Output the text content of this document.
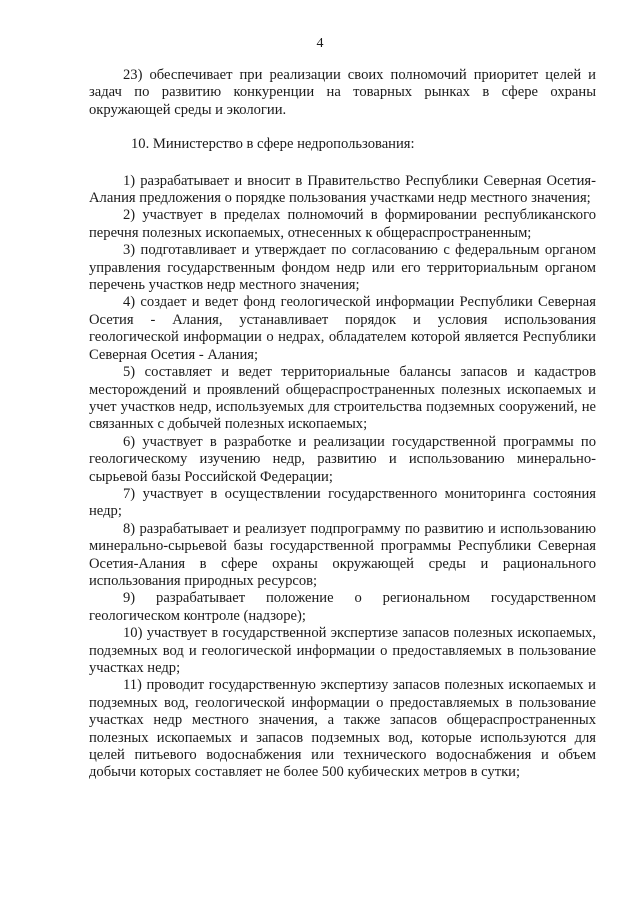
4

23) обеспечивает при реализации своих полномочий приоритет целей и задач по развитию конкуренции на товарных рынках в сфере охраны окружающей среды и экологии.

10. Министерство в сфере недропользования:

1) разрабатывает и вносит в Правительство Республики Северная Осетия-Алания предложения о порядке пользования участками недр местного значения;

2) участвует в пределах полномочий в формировании республиканского перечня полезных ископаемых, отнесенных к общераспространенным;

3) подготавливает и утверждает по согласованию с федеральным органом управления государственным фондом недр или его территориальным органом перечень участков недр местного значения;

4) создает и ведет фонд геологической информации Республики Северная Осетия - Алания, устанавливает порядок и условия использования геологической информации о недрах, обладателем которой является Республики Северная Осетия - Алания;

5) составляет и ведет территориальные балансы запасов и кадастров месторождений и проявлений общераспространенных полезных ископаемых и учет участков недр, используемых для строительства подземных сооружений, не связанных с добычей полезных ископаемых;

6) участвует в разработке и реализации государственной программы по геологическому изучению недр, развитию и использованию минерально-сырьевой базы Российской Федерации;

7) участвует в осуществлении государственного мониторинга состояния недр;

8) разрабатывает и реализует подпрограмму по развитию и использованию минерально-сырьевой базы государственной программы Республики Северная Осетия-Алания в сфере охраны окружающей среды и рационального использования природных ресурсов;

9) разрабатывает положение о региональном государственном геологическом контроле (надзоре);

10) участвует в государственной экспертизе запасов полезных ископаемых, подземных вод и геологической информации о предоставляемых в пользование участках недр;

11) проводит государственную экспертизу запасов полезных ископаемых и подземных вод, геологической информации о предоставляемых в пользование участках недр местного значения, а также запасов общераспространенных полезных ископаемых и запасов подземных вод, которые используются для целей питьевого водоснабжения или технического водоснабжения и объем добычи которых составляет не более 500 кубических метров в сутки;
